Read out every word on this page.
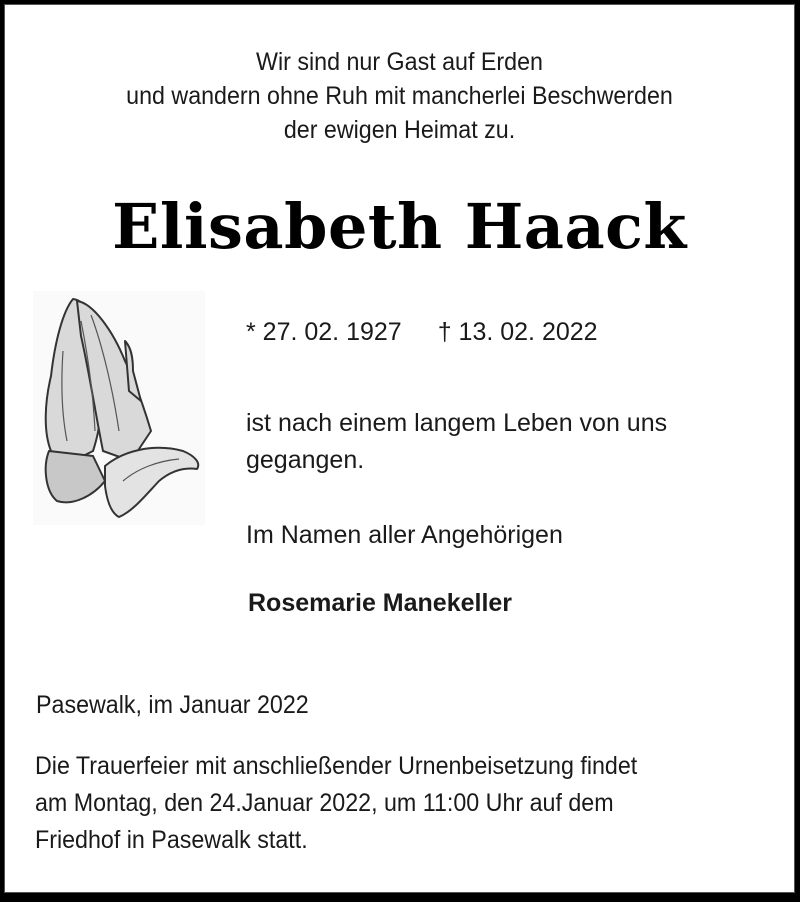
Wir sind nur Gast auf Erden
und wandern ohne Ruh mit mancherlei Beschwerden
der ewigen Heimat zu.
Elisabeth Haack
* 27. 02. 1927 † 13. 02. 2022
ist nach einem langem Leben von uns
gegangen.
Im Namen aller Angehörigen
Rosemarie Manekeller
Pasewalk, im Januar 2022
Die Trauerfeier mit anschließender Urnenbeisetzung findet
am Montag, den 24.Januar 2022, um 11:00 Uhr auf dem
Friedhof in Pasewalk statt.
